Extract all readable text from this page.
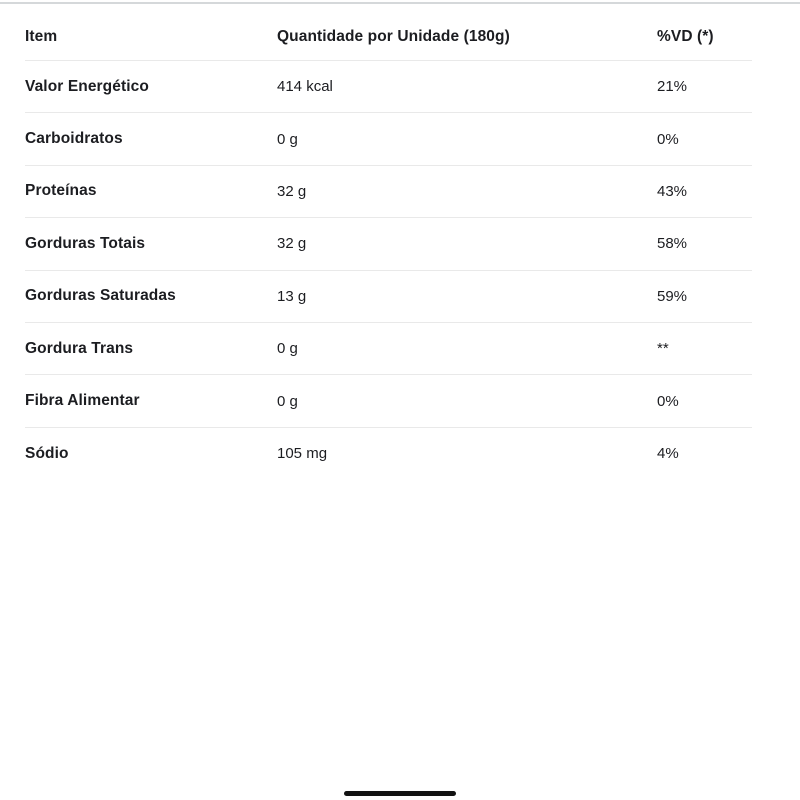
Item	Quantidade por Unidade (180g)	%VD (*)
Valor Energético	414 kcal	21%
Carboidratos	0 g	0%
Proteínas	32 g	43%
Gorduras Totais	32 g	58%
Gorduras Saturadas	13 g	59%
Gordura Trans	0 g	**
Fibra Alimentar	0 g	0%
Sódio	105 mg	4%
